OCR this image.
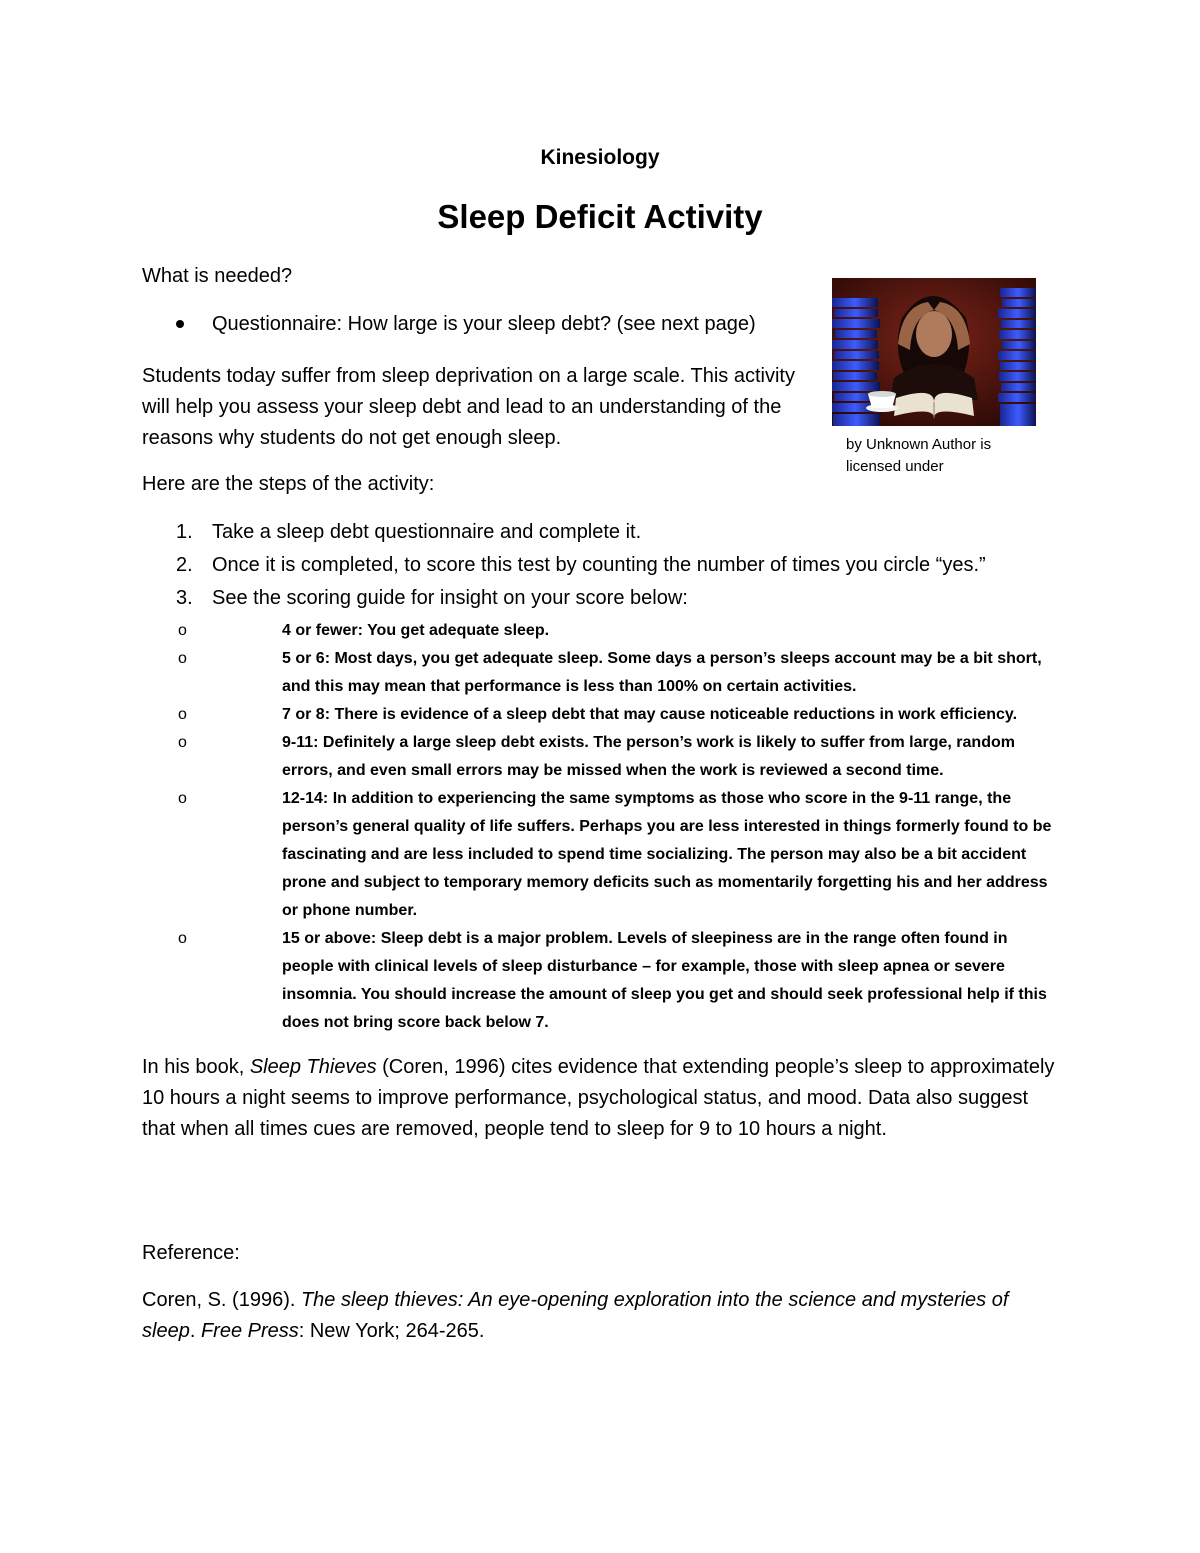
Kinesiology
Sleep Deficit Activity
What is needed?
Questionnaire: How large is your sleep debt? (see next page)

Students today suffer from sleep deprivation on a large scale. This activity will help you assess your sleep debt and lead to an understanding of the reasons why students do not get enough sleep.

Here are the steps of the activity:

1. Take a sleep debt questionnaire and complete it.
2. Once it is completed, to score this test by counting the number of times you circle “yes.”
3. See the scoring guide for insight on your score below:
o	4 or fewer: You get adequate sleep.
o	5 or 6: Most days, you get adequate sleep. Some days a person’s sleeps account may be a bit short, and this may mean that performance is less than 100% on certain activities.
o	7 or 8: There is evidence of a sleep debt that may cause noticeable reductions in work efficiency.
o	9-11: Definitely a large sleep debt exists. The person’s work is likely to suffer from large, random errors, and even small errors may be missed when the work is reviewed a second time.
o	12-14: In addition to experiencing the same symptoms as those who score in the 9-11 range, the person’s general quality of life suffers. Perhaps you are less interested in things formerly found to be fascinating and are less included to spend time socializing. The person may also be a bit accident prone and subject to temporary memory deficits such as momentarily forgetting his and her address or phone number.
o	15 or above: Sleep debt is a major problem. Levels of sleepiness are in the range often found in people with clinical levels of sleep disturbance – for example, those with sleep apnea or severe insomnia. You should increase the amount of sleep you get and should seek professional help if this does not bring score back below 7.

In his book, Sleep Thieves (Coren, 1996) cites evidence that extending people’s sleep to approximately 10 hours a night seems to improve performance, psychological status, and mood. Data also suggest that when all times cues are removed, people tend to sleep for 9 to 10 hours a night.

Reference:

Coren, S. (1996). The sleep thieves: An eye-opening exploration into the science and mysteries of sleep. Free Press: New York; 264-265.

by Unknown Author is licensed under
